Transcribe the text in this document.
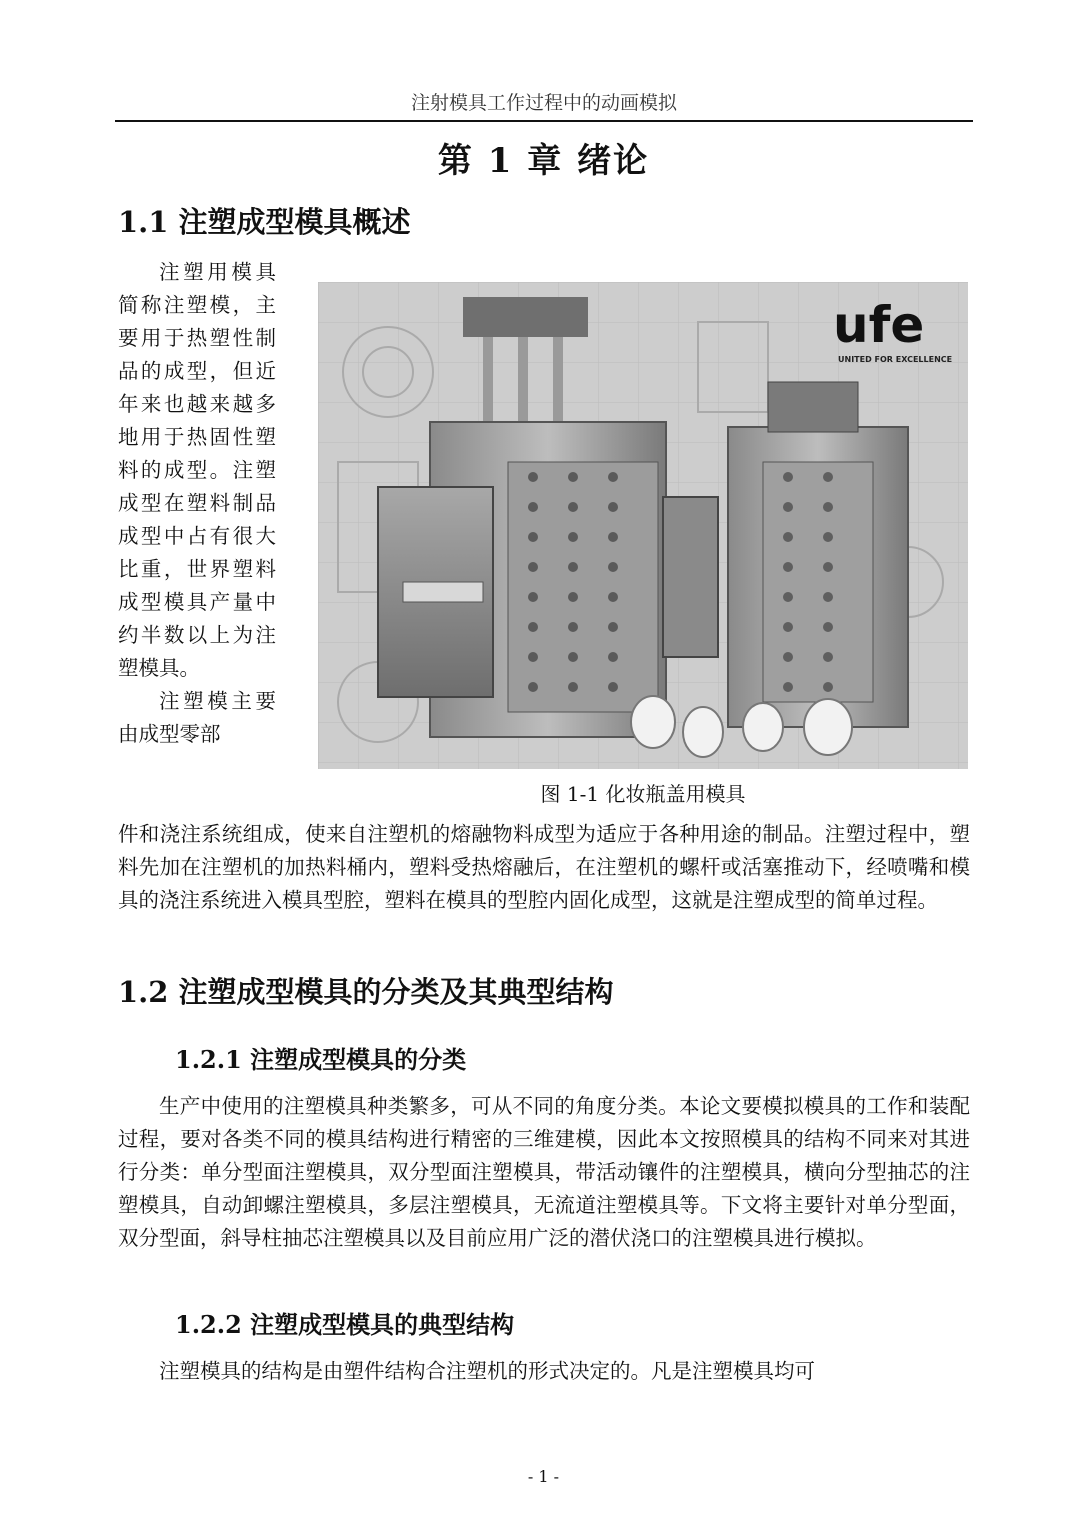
注射模具工作过程中的动画模拟
第 1 章 绪论
1.1 注塑成型模具概述

注塑用模具简称注塑模，主要用于热塑性制品的成型，但近年来也越来越多地用于热固性塑料的成型。注塑成型在塑料制品成型中占有很大比重，世界塑料成型模具产量中约半数以上为注塑模具。

注塑模主要由成型零部

ufe
UNITED FOR EXCELLENCE
图 1-1 化妆瓶盖用模具

件和浇注系统组成，使来自注塑机的熔融物料成型为适应于各种用途的制品。注塑过程中，塑料先加在注塑机的加热料桶内，塑料受热熔融后，在注塑机的螺杆或活塞推动下，经喷嘴和模具的浇注系统进入模具型腔，塑料在模具的型腔内固化成型，这就是注塑成型的简单过程。

1.2 注塑成型模具的分类及其典型结构
1.2.1 注塑成型模具的分类

生产中使用的注塑模具种类繁多，可从不同的角度分类。本论文要模拟模具的工作和装配过程，要对各类不同的模具结构进行精密的三维建模，因此本文按照模具的结构不同来对其进行分类：单分型面注塑模具，双分型面注塑模具，带活动镶件的注塑模具，横向分型抽芯的注塑模具，自动卸螺注塑模具，多层注塑模具，无流道注塑模具等。下文将主要针对单分型面，双分型面，斜导柱抽芯注塑模具以及目前应用广泛的潜伏浇口的注塑模具进行模拟。

1.2.2 注塑成型模具的典型结构

注塑模具的结构是由塑件结构合注塑机的形式决定的。凡是注塑模具均可

- 1 -
